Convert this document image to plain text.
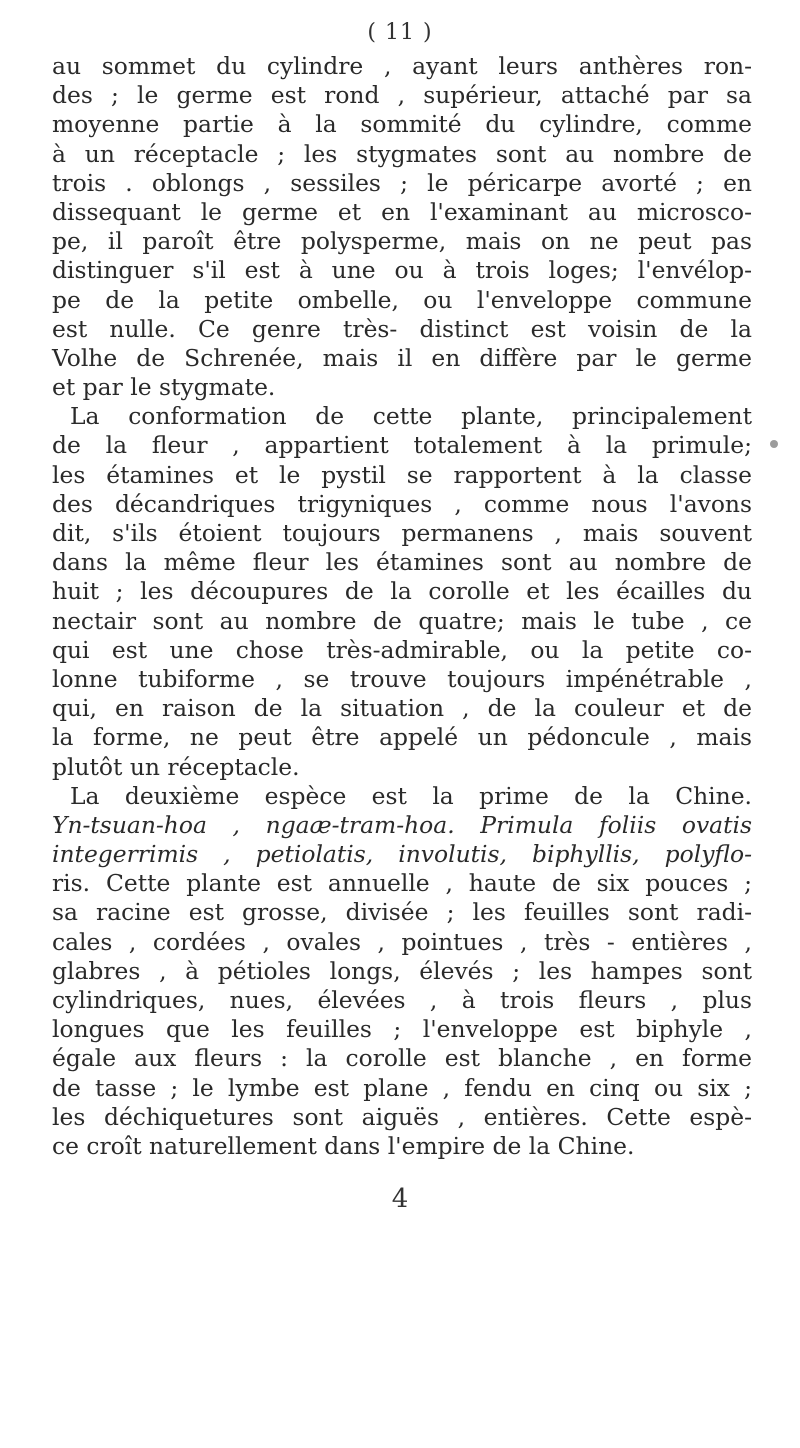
( 11 )
au sommet du cylindre , ayant leurs anthères ron-
des ; le germe est rond , supérieur, attaché par sa
moyenne partie à la sommité du cylindre, comme
à un réceptacle ; les stygmates sont au nombre de
trois . oblongs , sessiles ; le péricarpe avorté ; en
dissequant le germe et en l'examinant au microsco-
pe, il paroît être polysperme, mais on ne peut pas
distinguer s'il est à une ou à trois loges; l'envélop-
pe de la petite ombelle, ou l'enveloppe commune
est nulle. Ce genre très- distinct est voisin de la
Volhe de Schrenée, mais il en diffère par le germe
et par le stygmate.
La conformation de cette plante, principalement
de la fleur , appartient totalement à la primule;
les étamines et le pystil se rapportent à la classe
des décandriques trigyniques , comme nous l'avons
dit, s'ils étoient toujours permanens , mais souvent
dans la même fleur les étamines sont au nombre de
huit ; les découpures de la corolle et les écailles du
nectair sont au nombre de quatre; mais le tube , ce
qui est une chose très-admirable, ou la petite co-
lonne tubiforme , se trouve toujours impénétrable ,
qui, en raison de la situation , de la couleur et de
la forme, ne peut être appelé un pédoncule , mais
plutôt un réceptacle.
La deuxième espèce est la prime de la Chine.
Yn-tsuan-hoa , ngaæ-tram-hoa. Primula foliis ovatis
integerrimis , petiolatis, involutis, biphyllis, polyflo-
ris. Cette plante est annuelle , haute de six pouces ;
sa racine est grosse, divisée ; les feuilles sont radi-
cales , cordées , ovales , pointues , très - entières ,
glabres , à pétioles longs, élevés ; les hampes sont
cylindriques, nues, élevées , à trois fleurs , plus
longues que les feuilles ; l'enveloppe est biphyle ,
égale aux fleurs : la corolle est blanche , en forme
de tasse ; le lymbe est plane , fendu en cinq ou six ;
les déchiquetures sont aiguës , entières. Cette espè-
ce croît naturellement dans l'empire de la Chine.
4
